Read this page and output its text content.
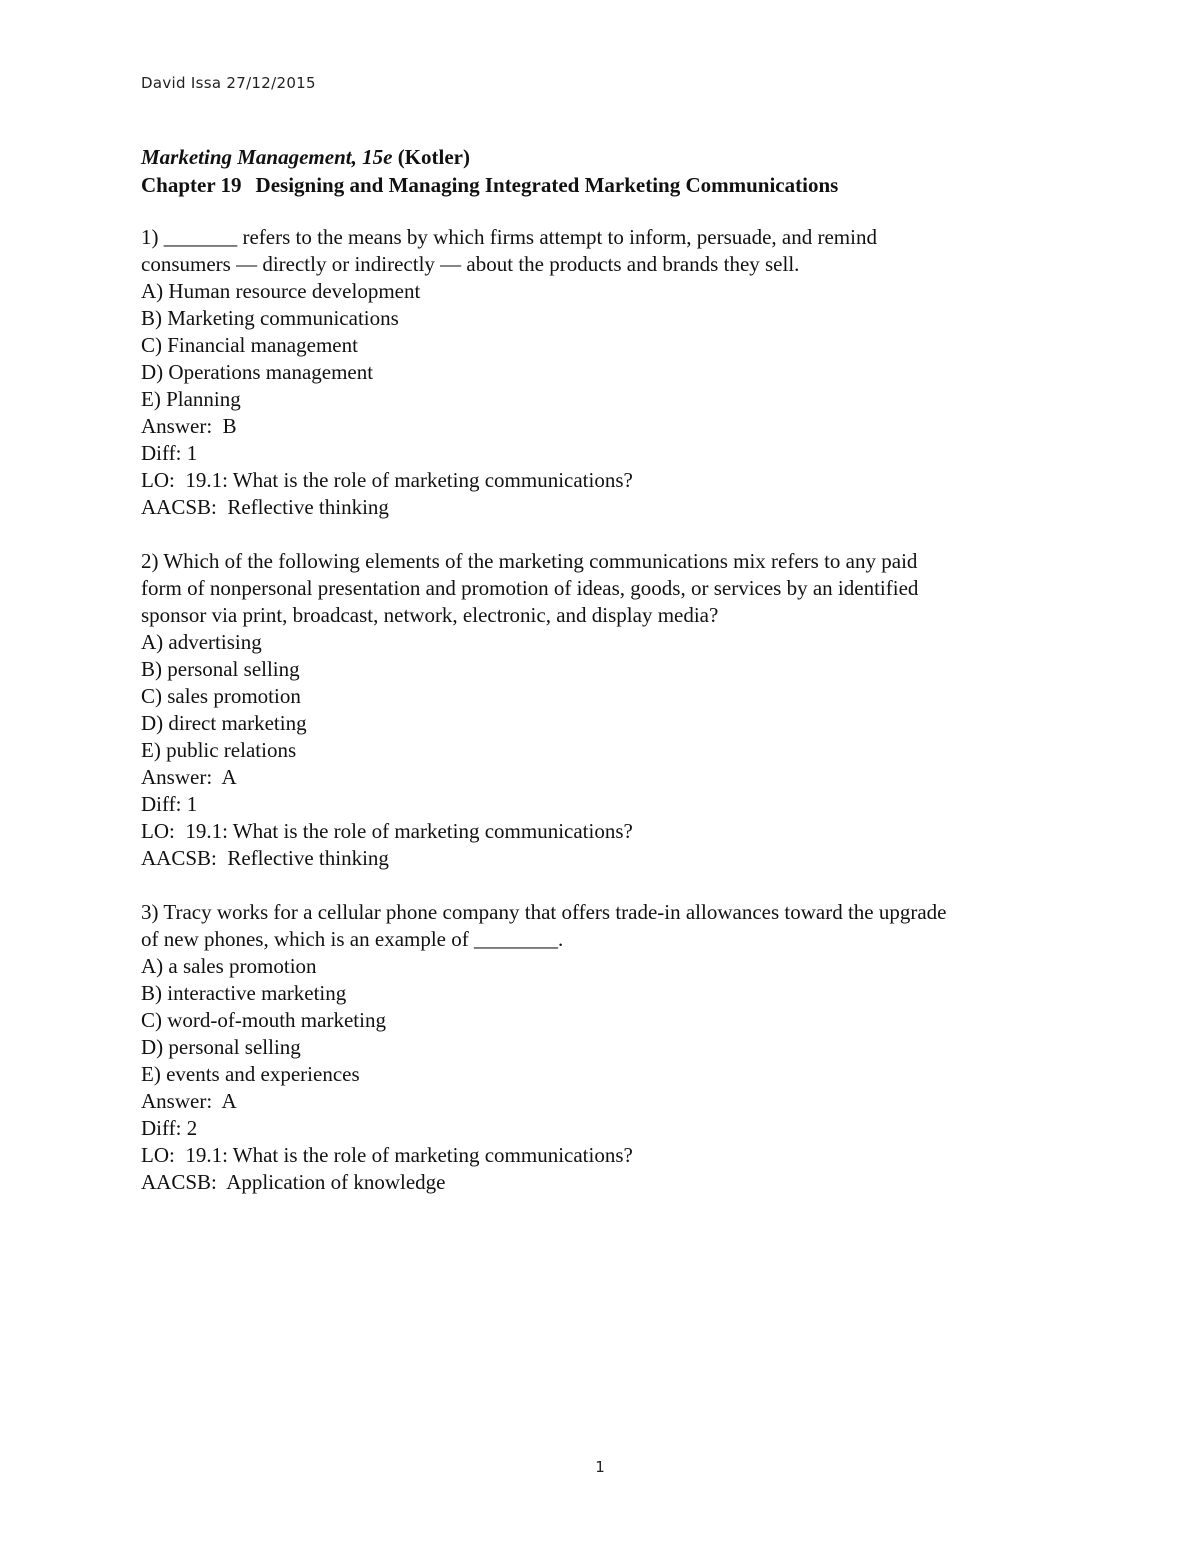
David Issa 27/12/2015
Marketing Management, 15e (Kotler)
Chapter 19 Designing and Managing Integrated Marketing Communications
1) _______ refers to the means by which firms attempt to inform, persuade, and remind
consumers — directly or indirectly — about the products and brands they sell.
A) Human resource development
B) Marketing communications
C) Financial management
D) Operations management
E) Planning
Answer:  B
Diff: 1
LO:  19.1: What is the role of marketing communications?
AACSB:  Reflective thinking
2) Which of the following elements of the marketing communications mix refers to any paid
form of nonpersonal presentation and promotion of ideas, goods, or services by an identified
sponsor via print, broadcast, network, electronic, and display media?
A) advertising
B) personal selling
C) sales promotion
D) direct marketing
E) public relations
Answer:  A
Diff: 1
LO:  19.1: What is the role of marketing communications?
AACSB:  Reflective thinking
3) Tracy works for a cellular phone company that offers trade-in allowances toward the upgrade
of new phones, which is an example of ________.
A) a sales promotion
B) interactive marketing
C) word-of-mouth marketing
D) personal selling
E) events and experiences
Answer:  A
Diff: 2
LO:  19.1: What is the role of marketing communications?
AACSB:  Application of knowledge
1
